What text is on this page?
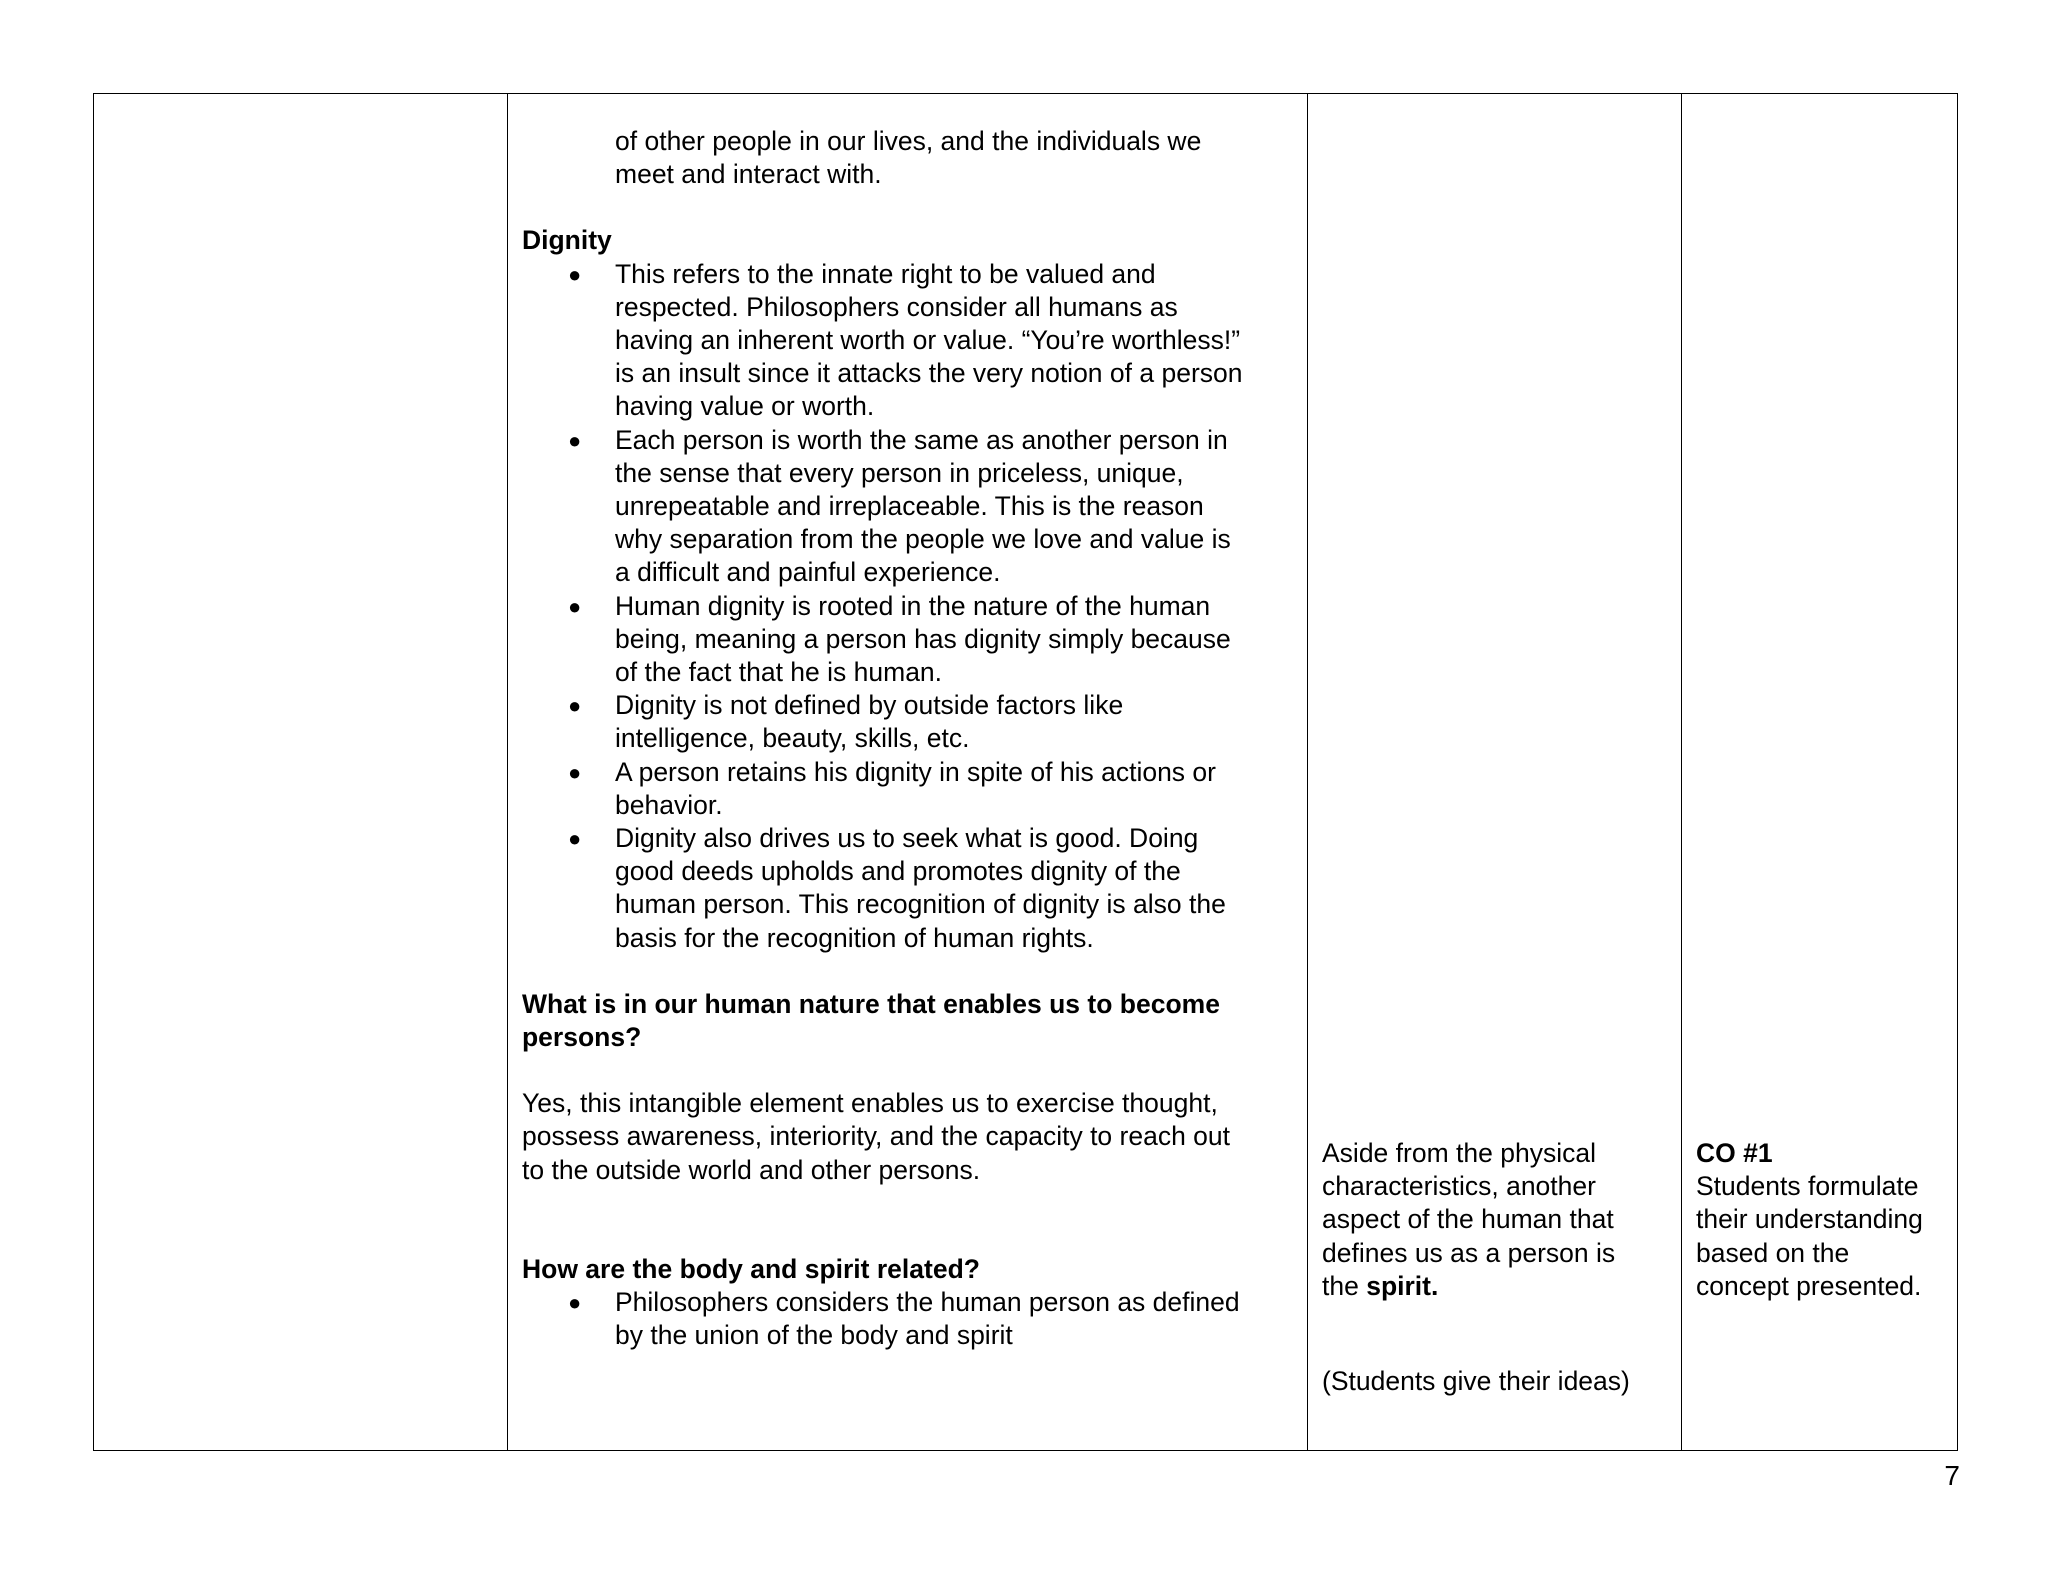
of other people in our lives, and the individuals we

meet and interact with.

Dignity

● This refers to the innate right to be valued and

respected. Philosophers consider all humans as

having an inherent worth or value. “You’re worthless!”

is an insult since it attacks the very notion of a person

having value or worth.

● Each person is worth the same as another person in

the sense that every person in priceless, unique,

unrepeatable and irreplaceable. This is the reason

why separation from the people we love and value is

a difficult and painful experience.

● Human dignity is rooted in the nature of the human

being, meaning a person has dignity simply because

of the fact that he is human.

● Dignity is not defined by outside factors like

intelligence, beauty, skills, etc.

● A person retains his dignity in spite of his actions or

behavior.

● Dignity also drives us to seek what is good. Doing

good deeds upholds and promotes dignity of the

human person. This recognition of dignity is also the

basis for the recognition of human rights.

What is in our human nature that enables us to become

persons?

Yes, this intangible element enables us to exercise thought,

possess awareness, interiority, and the capacity to reach out

to the outside world and other persons.

How are the body and spirit related?

● Philosophers considers the human person as defined

by the union of the body and spirit

Aside from the physical

characteristics, another

aspect of the human that

defines us as a person is

the spirit.

(Students give their ideas)

CO #1

Students formulate

their understanding

based on the

concept presented.

7
